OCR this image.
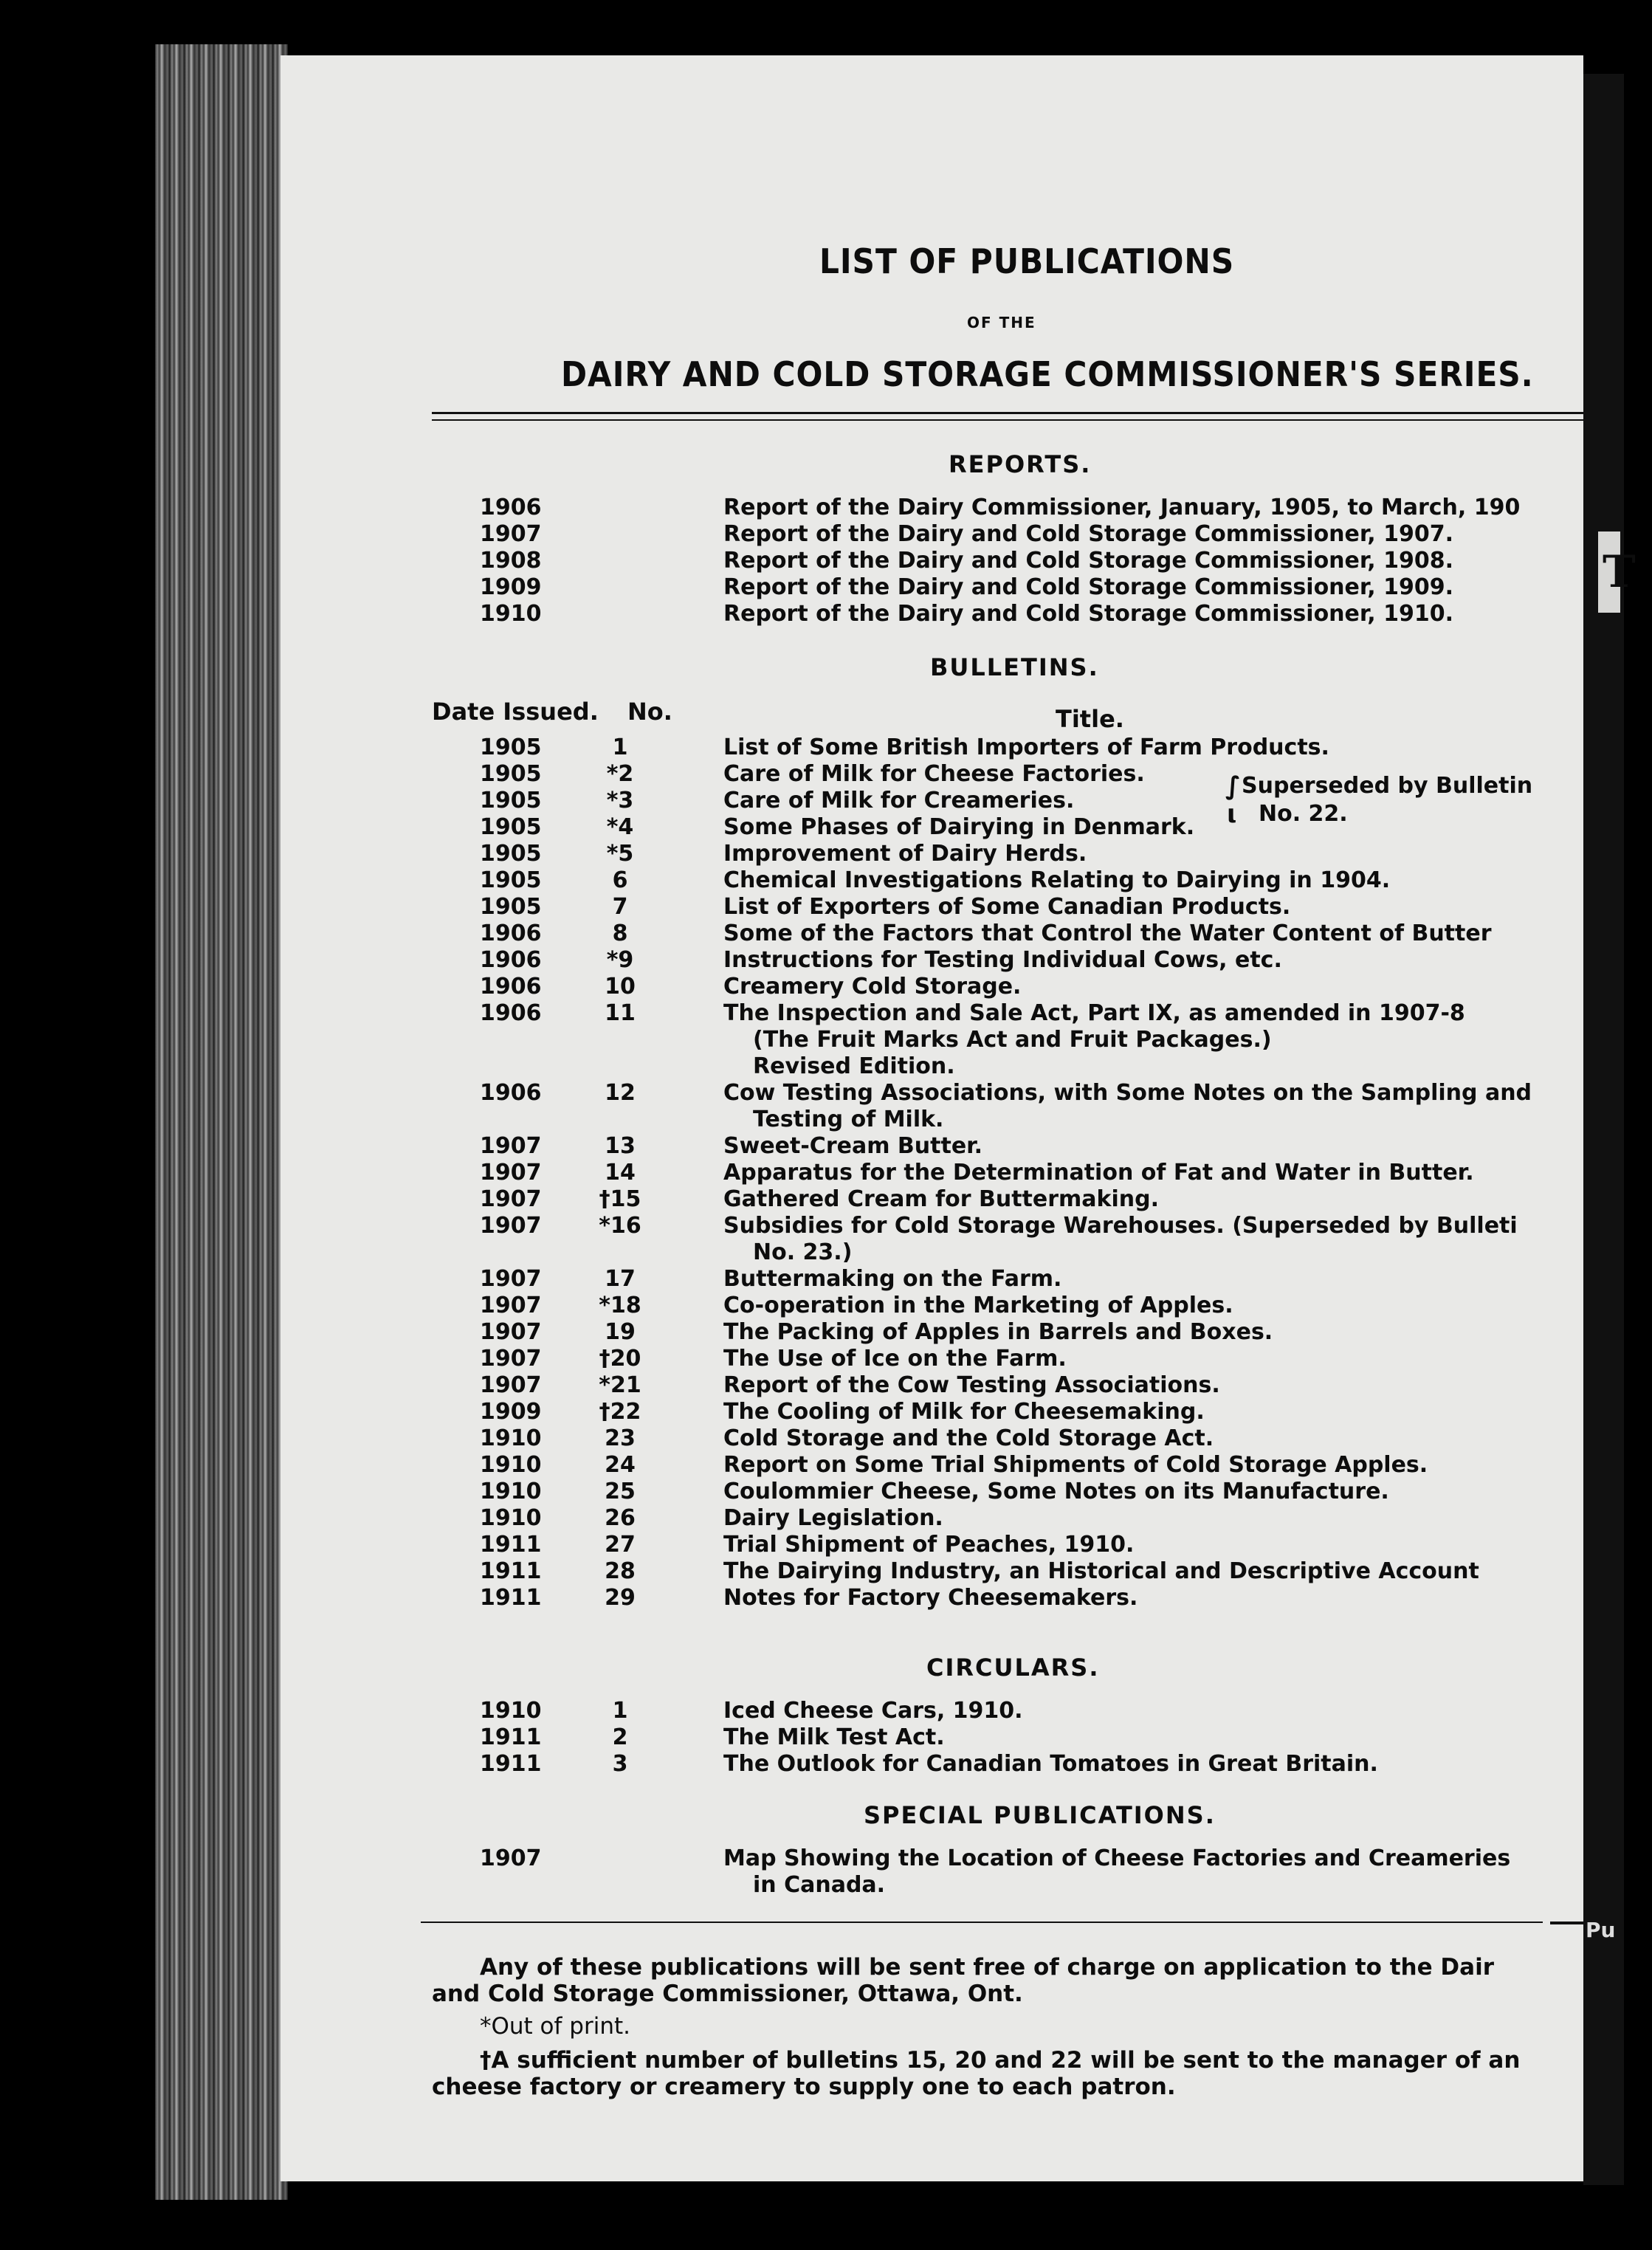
T
LIST OF PUBLICATIONS
OF THE
DAIRY AND COLD STORAGE COMMISSIONER'S SERIES.
REPORTS.
1906	Report of the Dairy Commissioner, January, 1905, to March, 190
1907	Report of the Dairy and Cold Storage Commissioner, 1907.
1908	Report of the Dairy and Cold Storage Commissioner, 1908.
1909	Report of the Dairy and Cold Storage Commissioner, 1909.
1910	Report of the Dairy and Cold Storage Commissioner, 1910.
BULLETINS.
Date Issued. No.	Title.
1905	1	List of Some British Importers of Farm Products.
1905	*2	Care of Milk for Cheese Factories.
1905	*3	Care of Milk for Creameries.
1905	*4	Some Phases of Dairying in Denmark.
1905	*5	Improvement of Dairy Herds.
1905	6	Chemical Investigations Relating to Dairying in 1904.
1905	7	List of Exporters of Some Canadian Products.
1906	8	Some of the Factors that Control the Water Content of Butter
1906	*9	Instructions for Testing Individual Cows, etc.
1906	10	Creamery Cold Storage.
1906	11	The Inspection and Sale Act, Part IX, as amended in 1907-8
(The Fruit Marks Act and Fruit Packages.)
Revised Edition.
1906	12	Cow Testing Associations, with Some Notes on the Sampling and
Testing of Milk.
1907	13	Sweet-Cream Butter.
1907	14	Apparatus for the Determination of Fat and Water in Butter.
1907	†15	Gathered Cream for Buttermaking.
1907	*16	Subsidies for Cold Storage Warehouses. (Superseded by Bulleti
No. 23.)
1907	17	Buttermaking on the Farm.
1907	*18	Co-operation in the Marketing of Apples.
1907	19	The Packing of Apples in Barrels and Boxes.
1907	†20	The Use of Ice on the Farm.
1907	*21	Report of the Cow Testing Associations.
1909	†22	The Cooling of Milk for Cheesemaking.
1910	23	Cold Storage and the Cold Storage Act.
1910	24	Report on Some Trial Shipments of Cold Storage Apples.
1910	25	Coulommier Cheese, Some Notes on its Manufacture.
1910	26	Dairy Legislation.
1911	27	Trial Shipment of Peaches, 1910.
1911	28	The Dairying Industry, an Historical and Descriptive Account
1911	29	Notes for Factory Cheesemakers.
∫ Superseded by Bulletin
ι No. 22.
CIRCULARS.
1910	1	Iced Cheese Cars, 1910.
1911	2	The Milk Test Act.
1911	3	The Outlook for Canadian Tomatoes in Great Britain.
SPECIAL PUBLICATIONS.
1907	Map Showing the Location of Cheese Factories and Creameries
in Canada.
Any of these publications will be sent free of charge on application to the Dair
and Cold Storage Commissioner, Ottawa, Ont.
*Out of print.
†A sufficient number of bulletins 15, 20 and 22 will be sent to the manager of an
cheese factory or creamery to supply one to each patron.
Pu
